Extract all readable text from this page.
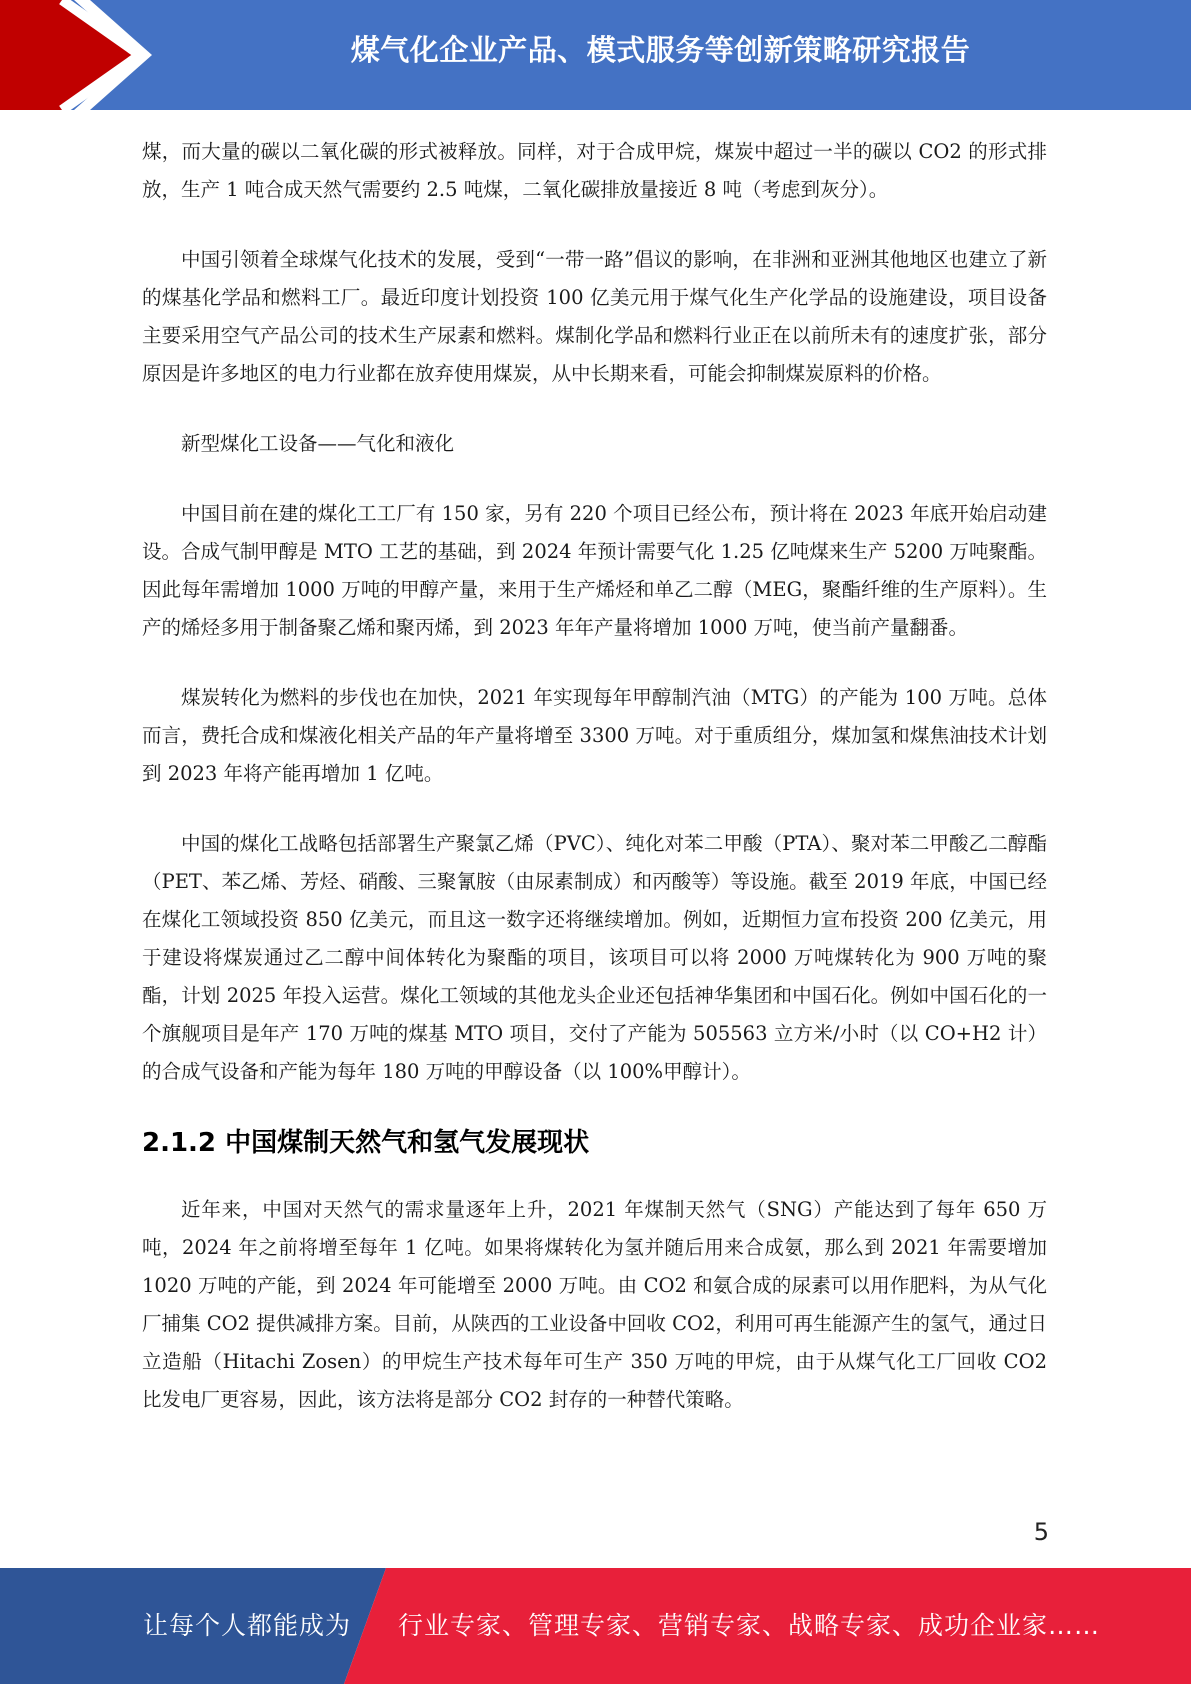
煤气化企业产品、模式服务等创新策略研究报告

煤，而大量的碳以二氧化碳的形式被释放。同样，对于合成甲烷，煤炭中超过一半的碳以 CO2 的形式排放，生产 1 吨合成天然气需要约 2.5 吨煤，二氧化碳排放量接近 8 吨（考虑到灰分）。

中国引领着全球煤气化技术的发展，受到“一带一路”倡议的影响，在非洲和亚洲其他地区也建立了新的煤基化学品和燃料工厂。最近印度计划投资 100 亿美元用于煤气化生产化学品的设施建设，项目设备主要采用空气产品公司的技术生产尿素和燃料。煤制化学品和燃料行业正在以前所未有的速度扩张，部分原因是许多地区的电力行业都在放弃使用煤炭，从中长期来看，可能会抑制煤炭原料的价格。

新型煤化工设备——气化和液化

中国目前在建的煤化工工厂有 150 家，另有 220 个项目已经公布，预计将在 2023 年底开始启动建设。合成气制甲醇是 MTO 工艺的基础，到 2024 年预计需要气化 1.25 亿吨煤来生产 5200 万吨聚酯。因此每年需增加 1000 万吨的甲醇产量，来用于生产烯烃和单乙二醇（MEG，聚酯纤维的生产原料）。生产的烯烃多用于制备聚乙烯和聚丙烯，到 2023 年年产量将增加 1000 万吨，使当前产量翻番。

煤炭转化为燃料的步伐也在加快，2021 年实现每年甲醇制汽油（MTG）的产能为 100 万吨。总体而言，费托合成和煤液化相关产品的年产量将增至 3300 万吨。对于重质组分，煤加氢和煤焦油技术计划到 2023 年将产能再增加 1 亿吨。

中国的煤化工战略包括部署生产聚氯乙烯（PVC）、纯化对苯二甲酸（PTA）、聚对苯二甲酸乙二醇酯（PET、苯乙烯、芳烃、硝酸、三聚氰胺（由尿素制成）和丙酸等）等设施。截至 2019 年底，中国已经在煤化工领域投资 850 亿美元，而且这一数字还将继续增加。例如，近期恒力宣布投资 200 亿美元，用于建设将煤炭通过乙二醇中间体转化为聚酯的项目，该项目可以将 2000 万吨煤转化为 900 万吨的聚酯，计划 2025 年投入运营。煤化工领域的其他龙头企业还包括神华集团和中国石化。例如中国石化的一个旗舰项目是年产 170 万吨的煤基 MTO 项目，交付了产能为 505563 立方米/小时（以 CO+H2 计）的合成气设备和产能为每年 180 万吨的甲醇设备（以 100%甲醇计）。

2.1.2 中国煤制天然气和氢气发展现状

近年来，中国对天然气的需求量逐年上升，2021 年煤制天然气（SNG）产能达到了每年 650 万吨，2024 年之前将增至每年 1 亿吨。如果将煤转化为氢并随后用来合成氨，那么到 2021 年需要增加 1020 万吨的产能，到 2024 年可能增至 2000 万吨。由 CO2 和氨合成的尿素可以用作肥料，为从气化厂捕集 CO2 提供减排方案。目前，从陕西的工业设备中回收 CO2，利用可再生能源产生的氢气，通过日立造船（Hitachi Zosen）的甲烷生产技术每年可生产 350 万吨的甲烷，由于从煤气化工厂回收 CO2 比发电厂更容易，因此，该方法将是部分 CO2 封存的一种替代策略。

5
让每个人都能成为 行业专家、管理专家、营销专家、战略专家、成功企业家……
